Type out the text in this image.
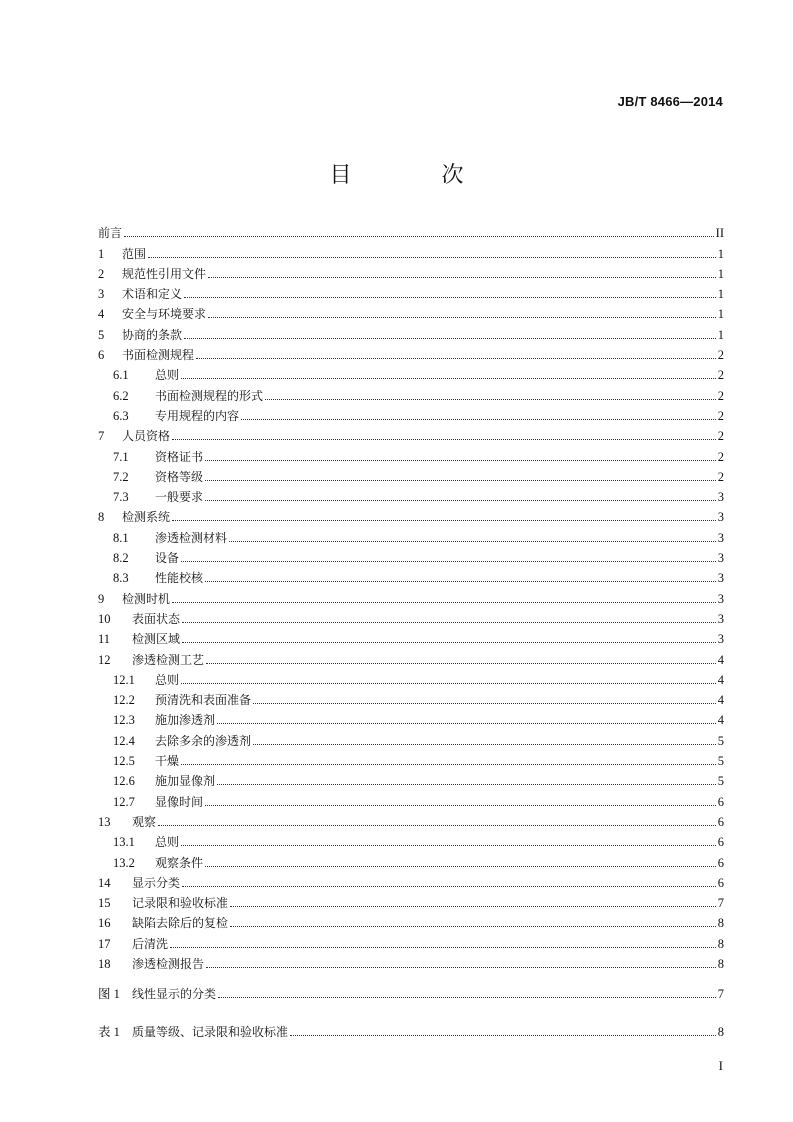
JB/T 8466—2014
目　次
前言	II
1	范围	1
2	规范性引用文件	1
3	术语和定义	1
4	安全与环境要求	1
5	协商的条款	1
6	书面检测规程	2
6.1	总则	2
6.2	书面检测规程的形式	2
6.3	专用规程的内容	2
7	人员资格	2
7.1	资格证书	2
7.2	资格等级	2
7.3	一般要求	3
8	检测系统	3
8.1	渗透检测材料	3
8.2	设备	3
8.3	性能校核	3
9	检测时机	3
10	表面状态	3
11	检测区域	3
12	渗透检测工艺	4
12.1	总则	4
12.2	预清洗和表面准备	4
12.3	施加渗透剂	4
12.4	去除多余的渗透剂	5
12.5	干燥	5
12.6	施加显像剂	5
12.7	显像时间	6
13	观察	6
13.1	总则	6
13.2	观察条件	6
14	显示分类	6
15	记录限和验收标准	7
16	缺陷去除后的复检	8
17	后清洗	8
18	渗透检测报告	8
图 1	线性显示的分类	7
表 1	质量等级、记录限和验收标准	8
I
